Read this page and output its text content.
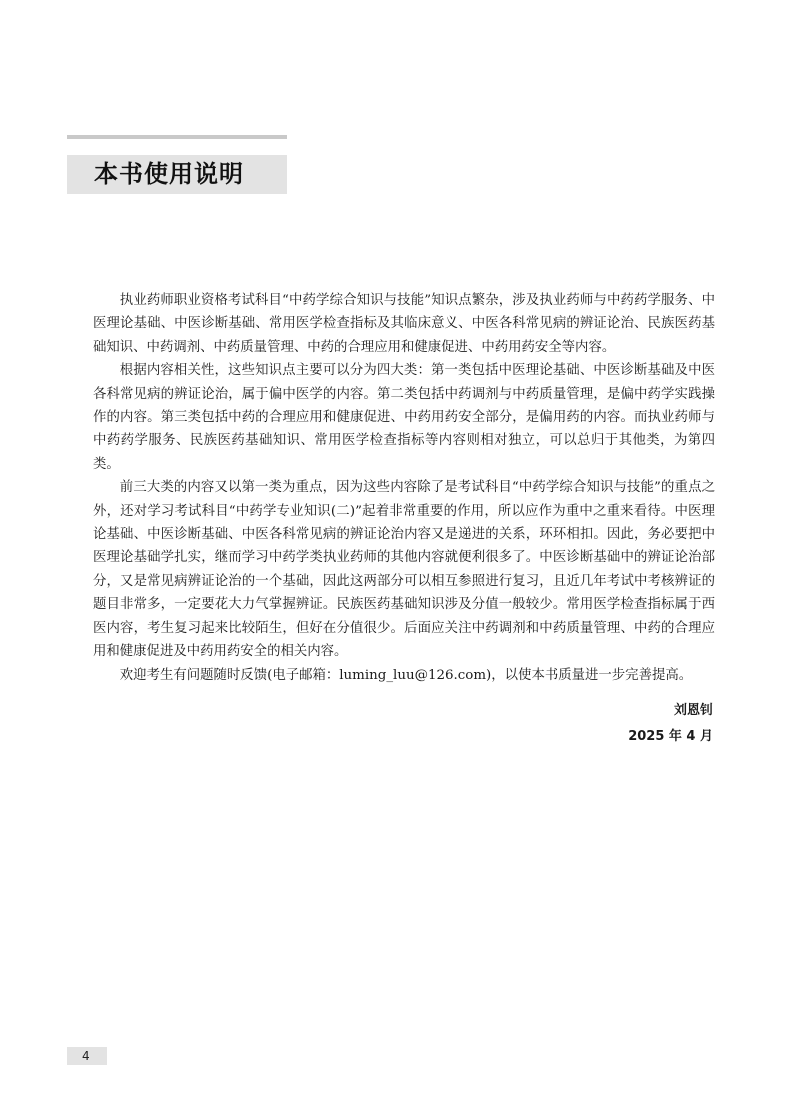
本书使用说明

执业药师职业资格考试科目“中药学综合知识与技能”知识点繁杂，涉及执业药师与中药药学服务、中医理论基础、中医诊断基础、常用医学检查指标及其临床意义、中医各科常见病的辨证论治、民族医药基础知识、中药调剂、中药质量管理、中药的合理应用和健康促进、中药用药安全等内容。

根据内容相关性，这些知识点主要可以分为四大类：第一类包括中医理论基础、中医诊断基础及中医各科常见病的辨证论治，属于偏中医学的内容。第二类包括中药调剂与中药质量管理，是偏中药学实践操作的内容。第三类包括中药的合理应用和健康促进、中药用药安全部分，是偏用药的内容。而执业药师与中药药学服务、民族医药基础知识、常用医学检查指标等内容则相对独立，可以总归于其他类，为第四类。

前三大类的内容又以第一类为重点，因为这些内容除了是考试科目“中药学综合知识与技能”的重点之外，还对学习考试科目“中药学专业知识(二)”起着非常重要的作用，所以应作为重中之重来看待。中医理论基础、中医诊断基础、中医各科常见病的辨证论治内容又是递进的关系，环环相扣。因此，务必要把中医理论基础学扎实，继而学习中药学类执业药师的其他内容就便利很多了。中医诊断基础中的辨证论治部分，又是常见病辨证论治的一个基础，因此这两部分可以相互参照进行复习，且近几年考试中考核辨证的题目非常多，一定要花大力气掌握辨证。民族医药基础知识涉及分值一般较少。常用医学检查指标属于西医内容，考生复习起来比较陌生，但好在分值很少。后面应关注中药调剂和中药质量管理、中药的合理应用和健康促进及中药用药安全的相关内容。

欢迎考生有问题随时反馈(电子邮箱：luming_luu@126.com)，以使本书质量进一步完善提高。

刘恩钊
2025 年 4 月
4
